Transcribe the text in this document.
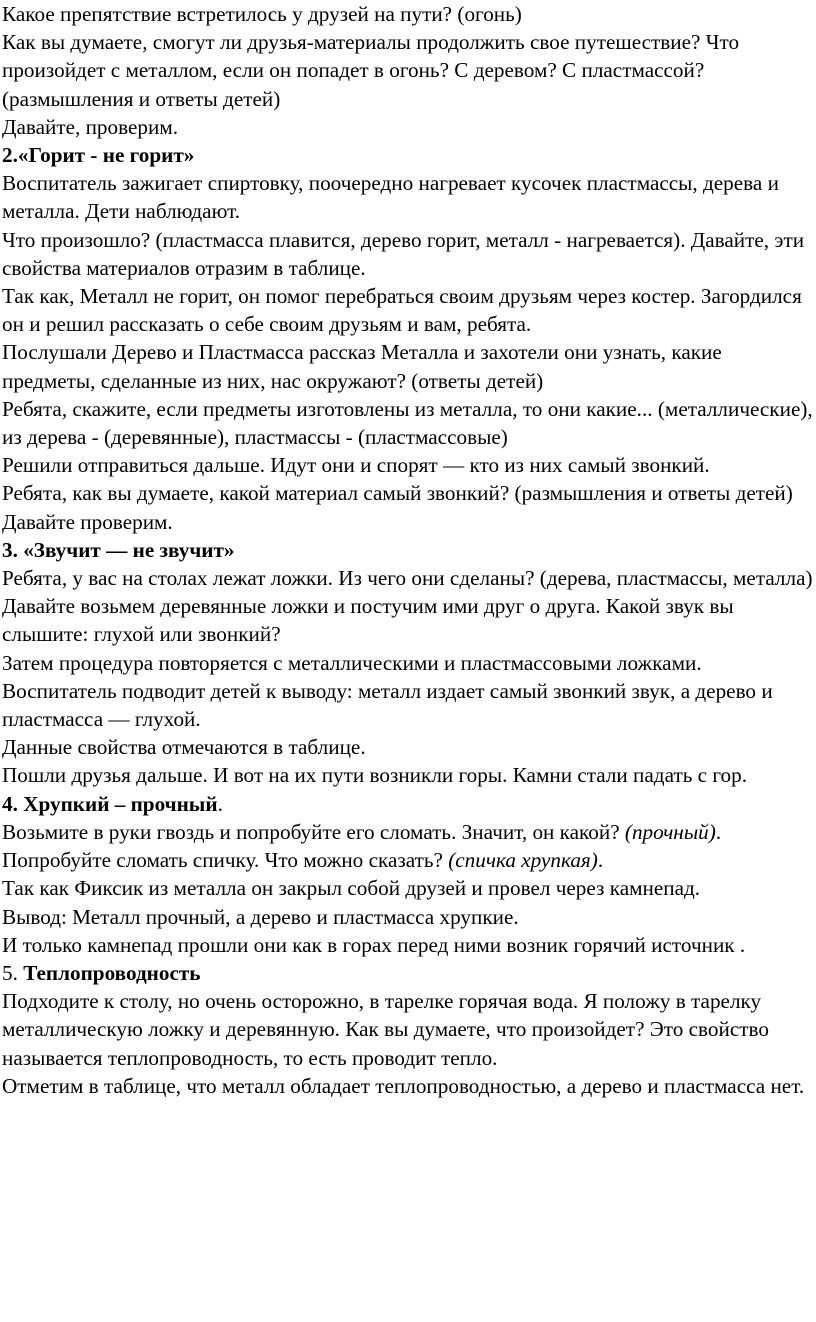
Какое препятствие встретилось у друзей на пути? (огонь)

Как вы думаете, смогут ли друзья-материалы продолжить свое путешествие? Что произойдет с металлом, если он попадет в огонь? С деревом? С пластмассой? (размышления и ответы детей)

Давайте, проверим.

2.«Горит - не горит»

Воспитатель зажигает спиртовку, поочередно нагревает кусочек пластмассы, дерева и металла. Дети наблюдают.

Что произошло? (пластмасса плавится, дерево горит, металл - нагревается). Давайте, эти свойства материалов отразим в таблице.

Так как, Металл не горит, он помог перебраться своим друзьям через костер. Загордился он и решил рассказать о себе своим друзьям и вам, ребята.

Послушали Дерево и Пластмасса рассказ Металла и захотели они узнать, какие предметы, сделанные из них, нас окружают? (ответы детей)

Ребята, скажите, если предметы изготовлены из металла, то они какие... (металлические), из дерева - (деревянные), пластмассы - (пластмассовые)

Решили отправиться дальше. Идут они и спорят — кто из них самый звонкий.

Ребята, как вы думаете, какой материал самый звонкий? (размышления и ответы детей)

Давайте проверим.

3. «Звучит — не звучит»

Ребята, у вас на столах лежат ложки. Из чего они сделаны? (дерева, пластмассы, металла)

Давайте возьмем деревянные ложки и постучим ими друг о друга. Какой звук вы слышите: глухой или звонкий?

Затем процедура повторяется с металлическими и пластмассовыми ложками.

Воспитатель подводит детей к выводу: металл издает самый звонкий звук, а дерево и пластмасса — глухой.

Данные свойства отмечаются в таблице.

Пошли друзья дальше. И вот на их пути возникли горы. Камни стали падать с гор.

4. Хрупкий – прочный.

Возьмите в руки гвоздь и попробуйте его сломать. Значит, он какой? (прочный). Попробуйте сломать спичку. Что можно сказать? (спичка хрупкая).

Так как Фиксик из металла он закрыл собой друзей и провел через камнепад.

Вывод: Металл прочный, а дерево и пластмасса хрупкие.

И только камнепад прошли они как в горах перед ними возник горячий источник .

5. Теплопроводность

Подходите к столу, но очень осторожно, в тарелке горячая вода. Я положу в тарелку металлическую ложку и деревянную. Как вы думаете, что произойдет? Это свойство называется теплопроводность, то есть проводит тепло.

Отметим в таблице, что металл обладает теплопроводностью, а дерево и пластмасса нет.
